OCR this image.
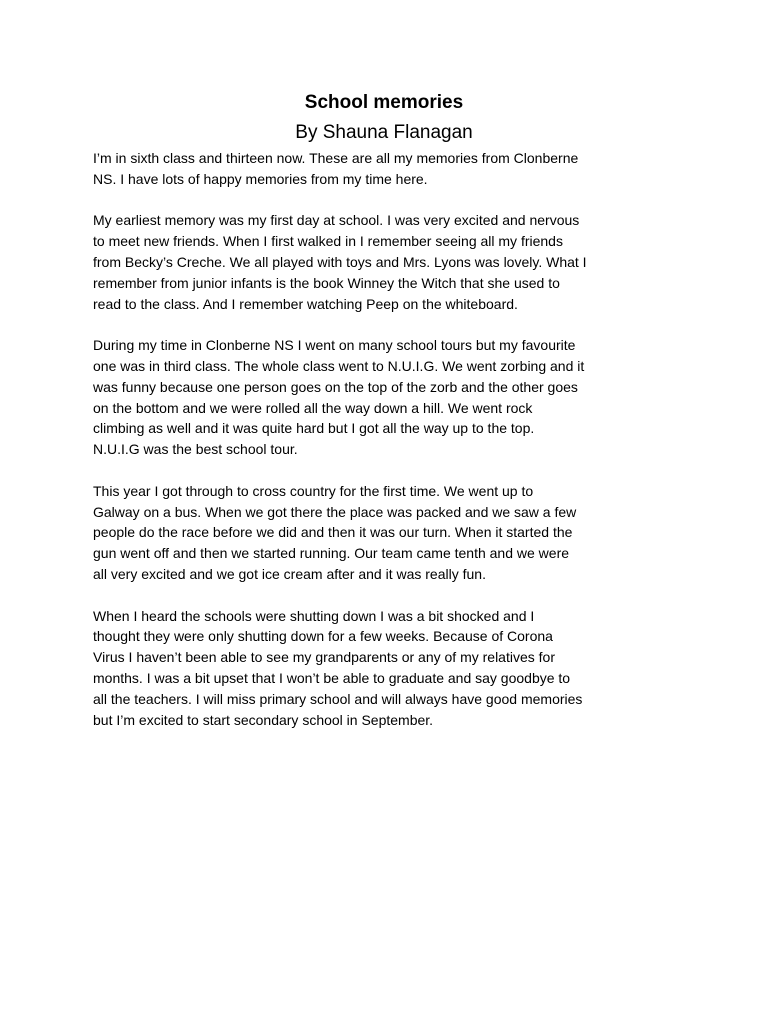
School memories
By Shauna Flanagan

I’m in sixth class and thirteen now. These are all my memories from Clonberne
NS. I have lots of happy memories from my time here.

My earliest memory was my first day at school. I was very excited and nervous
to meet new friends. When I first walked in I remember seeing all my friends
from Becky’s Creche. We all played with toys and Mrs. Lyons was lovely. What I
remember from junior infants is the book Winney the Witch that she used to
read to the class. And I remember watching Peep on the whiteboard.

During my time in Clonberne NS I went on many school tours but my favourite
one was in third class. The whole class went to N.U.I.G. We went zorbing and it
was funny because one person goes on the top of the zorb and the other goes
on the bottom and we were rolled all the way down a hill. We went rock
climbing as well and it was quite hard but I got all the way up to the top.
N.U.I.G was the best school tour.

This year I got through to cross country for the first time. We went up to
Galway on a bus. When we got there the place was packed and we saw a few
people do the race before we did and then it was our turn. When it started the
gun went off and then we started running. Our team came tenth and we were
all very excited and we got ice cream after and it was really fun.

When I heard the schools were shutting down I was a bit shocked and I
thought they were only shutting down for a few weeks. Because of Corona
Virus I haven’t been able to see my grandparents or any of my relatives for
months. I was a bit upset that I won’t be able to graduate and say goodbye to
all the teachers. I will miss primary school and will always have good memories
but I’m excited to start secondary school in September.
